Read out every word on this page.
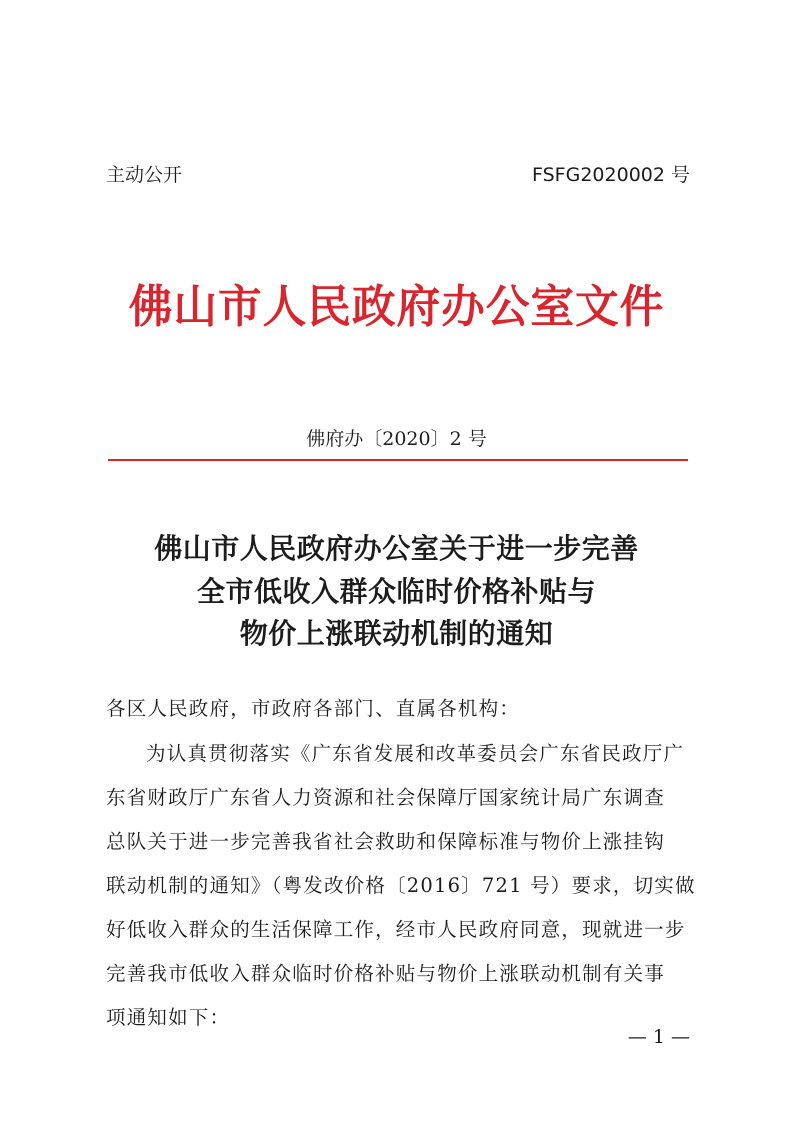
主动公开	FSFG2020002 号
佛山市人民政府办公室文件
佛府办〔2020〕2 号
佛山市人民政府办公室关于进一步完善
全市低收入群众临时价格补贴与
物价上涨联动机制的通知
各区人民政府，市政府各部门、直属各机构：
为认真贯彻落实《广东省发展和改革委员会广东省民政厅广
东省财政厅广东省人力资源和社会保障厅国家统计局广东调查
总队关于进一步完善我省社会救助和保障标准与物价上涨挂钩
联动机制的通知》（粤发改价格〔2016〕721 号）要求，切实做
好低收入群众的生活保障工作，经市人民政府同意，现就进一步
完善我市低收入群众临时价格补贴与物价上涨联动机制有关事
项通知如下：
— 1 —
